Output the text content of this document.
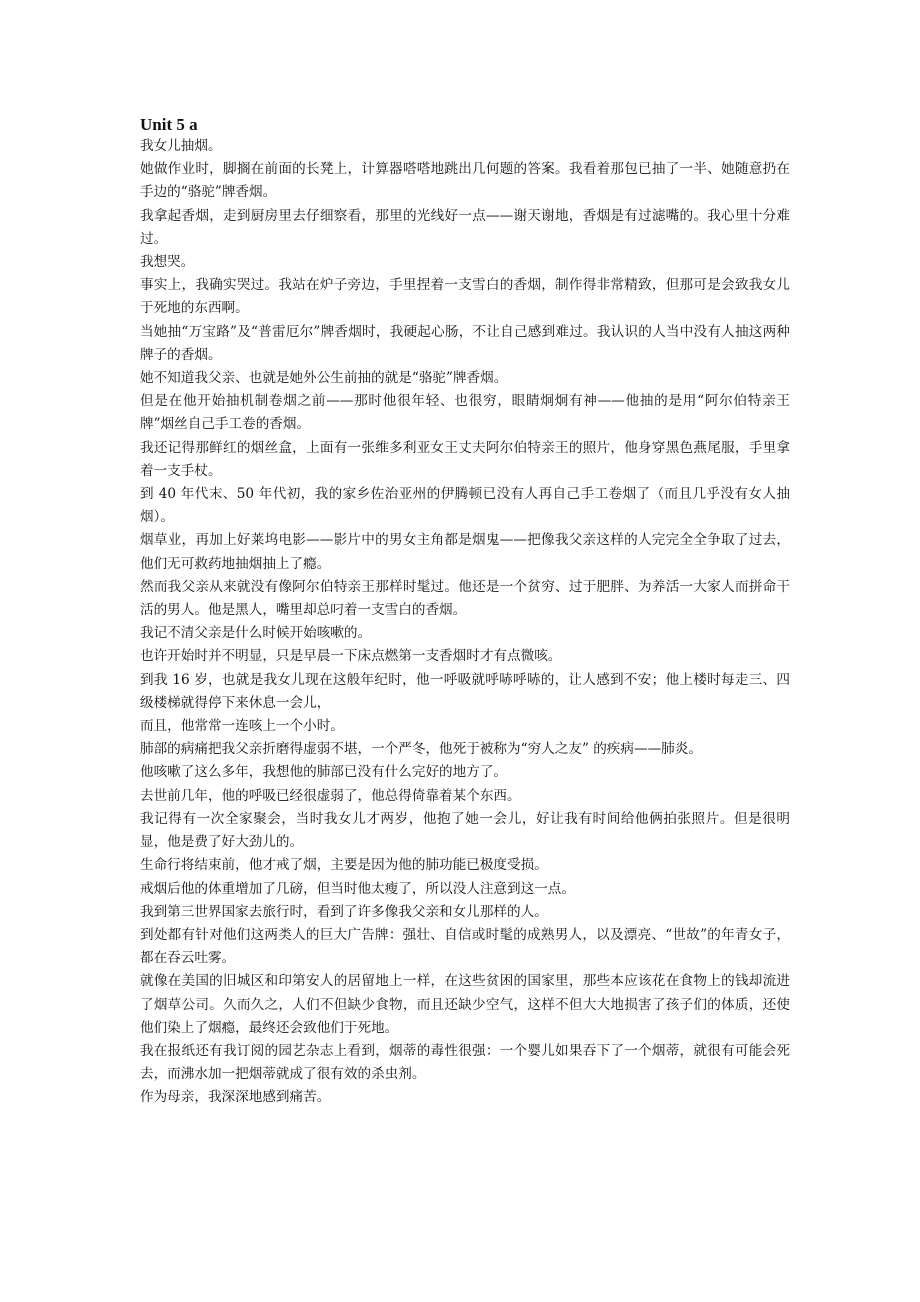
Unit 5 a

我女儿抽烟。

她做作业时，脚搁在前面的长凳上，计算器嗒嗒地跳出几何题的答案。我看着那包已抽了一半、她随意扔在手边的“骆驼”牌香烟。

我拿起香烟，走到厨房里去仔细察看，那里的光线好一点——谢天谢地，香烟是有过滤嘴的。我心里十分难过。

我想哭。

事实上，我确实哭过。我站在炉子旁边，手里捏着一支雪白的香烟，制作得非常精致，但那可是会致我女儿于死地的东西啊。

当她抽“万宝路”及“普雷厄尔”牌香烟时，我硬起心肠，不让自己感到难过。我认识的人当中没有人抽这两种牌子的香烟。

她不知道我父亲、也就是她外公生前抽的就是“骆驼”牌香烟。

但是在他开始抽机制卷烟之前——那时他很年轻、也很穷，眼睛炯炯有神——他抽的是用“阿尔伯特亲王牌”烟丝自己手工卷的香烟。

我还记得那鲜红的烟丝盒，上面有一张维多利亚女王丈夫阿尔伯特亲王的照片，他身穿黑色燕尾服，手里拿着一支手杖。

到 40 年代末、50 年代初，我的家乡佐治亚州的伊腾顿已没有人再自己手工卷烟了（而且几乎没有女人抽烟）。

烟草业，再加上好莱坞电影——影片中的男女主角都是烟鬼——把像我父亲这样的人完完全全争取了过去，他们无可救药地抽烟抽上了瘾。

然而我父亲从来就没有像阿尔伯特亲王那样时髦过。他还是一个贫穷、过于肥胖、为养活一大家人而拼命干活的男人。他是黑人，嘴里却总叼着一支雪白的香烟。

我记不清父亲是什么时候开始咳嗽的。

也许开始时并不明显，只是早晨一下床点燃第一支香烟时才有点微咳。

到我 16 岁，也就是我女儿现在这般年纪时，他一呼吸就呼哧呼哧的，让人感到不安；他上楼时每走三、四级楼梯就得停下来休息一会儿，

而且，他常常一连咳上一个小时。

肺部的病痛把我父亲折磨得虚弱不堪，一个严冬，他死于被称为“穷人之友” 的疾病——肺炎。

他咳嗽了这么多年，我想他的肺部已没有什么完好的地方了。

去世前几年，他的呼吸已经很虚弱了，他总得倚靠着某个东西。

我记得有一次全家聚会，当时我女儿才两岁，他抱了她一会儿，好让我有时间给他俩拍张照片。但是很明显，他是费了好大劲儿的。

生命行将结束前，他才戒了烟，主要是因为他的肺功能已极度受损。

戒烟后他的体重增加了几磅，但当时他太瘦了，所以没人注意到这一点。

我到第三世界国家去旅行时，看到了许多像我父亲和女儿那样的人。

到处都有针对他们这两类人的巨大广告牌：强壮、自信或时髦的成熟男人，以及漂亮、“世故”的年青女子，都在吞云吐雾。

就像在美国的旧城区和印第安人的居留地上一样，在这些贫困的国家里，那些本应该花在食物上的钱却流进了烟草公司。久而久之，人们不但缺少食物，而且还缺少空气，这样不但大大地损害了孩子们的体质，还使他们染上了烟瘾，最终还会致他们于死地。

我在报纸还有我订阅的园艺杂志上看到，烟蒂的毒性很强：一个婴儿如果吞下了一个烟蒂，就很有可能会死去，而沸水加一把烟蒂就成了很有效的杀虫剂。

作为母亲，我深深地感到痛苦。
